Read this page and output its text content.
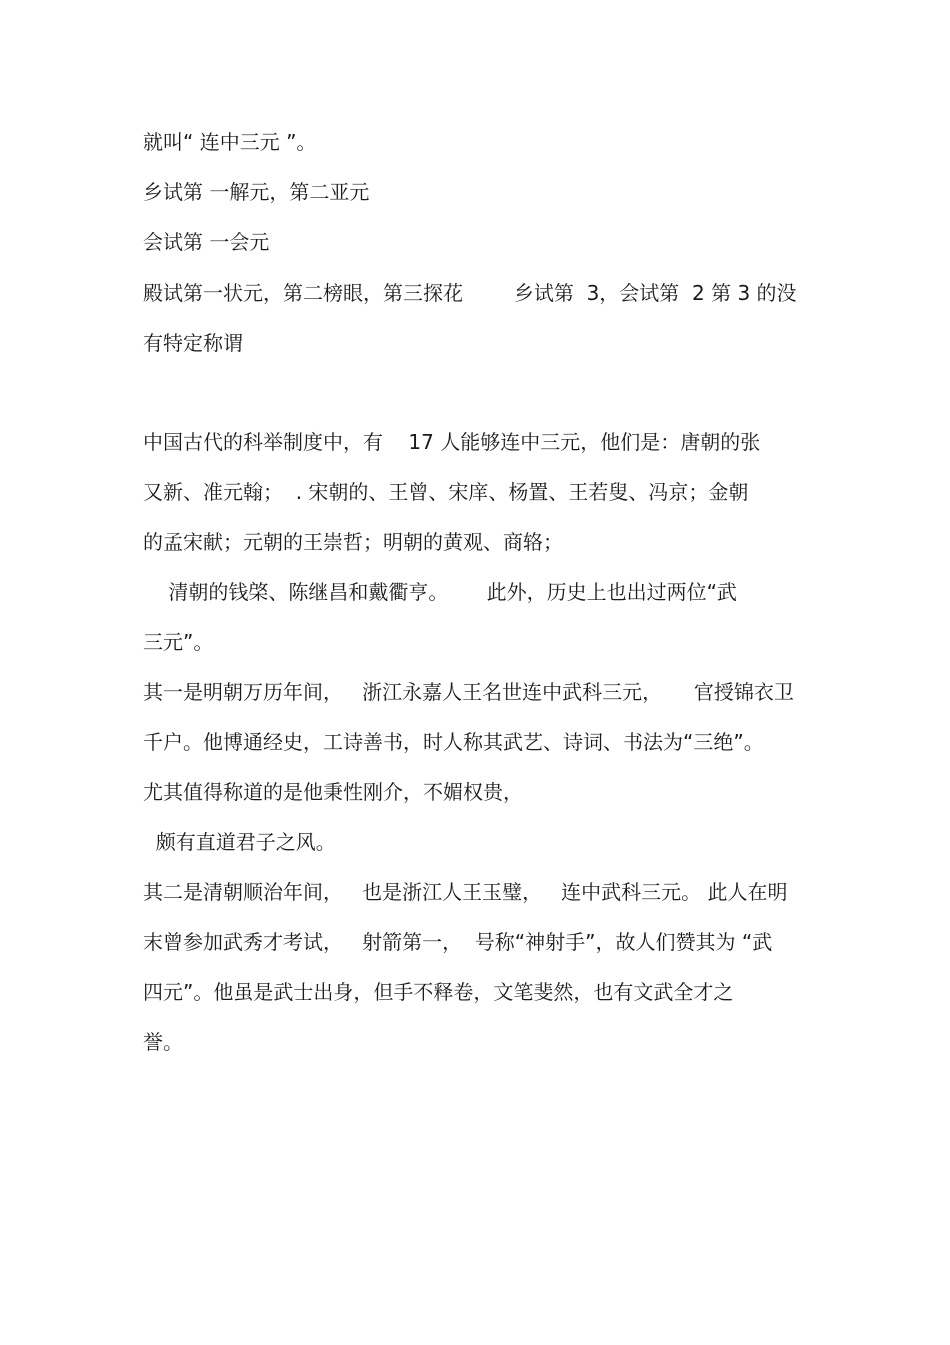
就叫“ 连中三元 ”。

乡试第 一解元，第二亚元

会试第 一会元

殿试第一状元，第二榜眼，第三探花        乡试第  3，会试第  2 第 3 的没

有特定称谓

中国古代的科举制度中，有    17 人能够连中三元，他们是：唐朝的张

又新、准元翰；  . 宋朝的、王曾、宋庠、杨置、王若叟、冯京；金朝

的孟宋献；元朝的王崇哲；明朝的黄观、商辂；

清朝的钱棨、陈继昌和戴衢亨。      此外，历史上也出过两位“武

三元”。

其一是明朝万历年间，   浙江永嘉人王名世连中武科三元，     官授锦衣卫

千户。他博通经史，工诗善书，时人称其武艺、诗词、书法为“三绝”。

尤其值得称道的是他秉性刚介，不媚权贵，

颇有直道君子之风。

其二是清朝顺治年间，   也是浙江人王玉璧，   连中武科三元。 此人在明

末曾参加武秀才考试，   射箭第一，  号称“神射手”，故人们赞其为 “武

四元”。他虽是武士出身，但手不释卷，文笔斐然，也有文武全才之

誉。
